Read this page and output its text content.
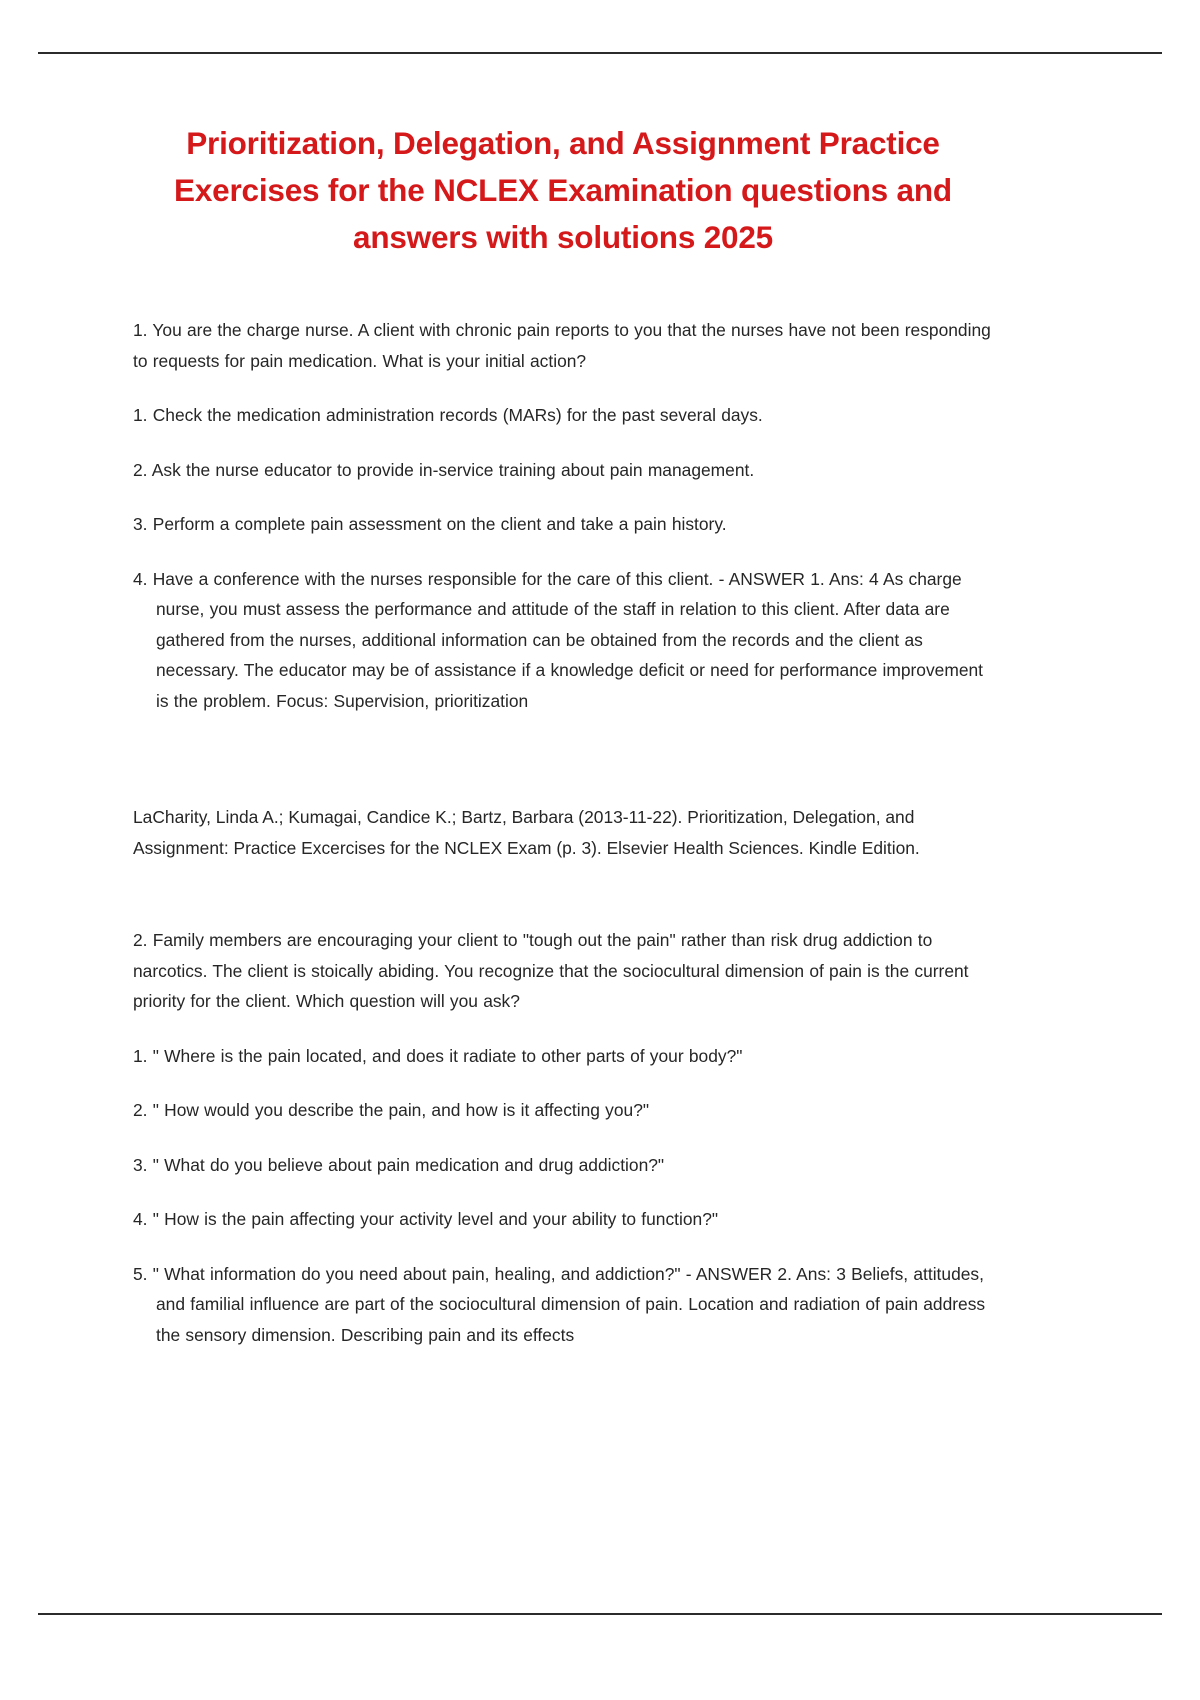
Prioritization, Delegation, and Assignment Practice Exercises for the NCLEX Examination questions and answers with solutions 2025

1. You are the charge nurse. A client with chronic pain reports to you that the nurses have not been responding to requests for pain medication. What is your initial action?

1. Check the medication administration records (MARs) for the past several days.

2. Ask the nurse educator to provide in-service training about pain management.

3. Perform a complete pain assessment on the client and take a pain history.

4. Have a conference with the nurses responsible for the care of this client. - ANSWER 1. Ans: 4 As charge nurse, you must assess the performance and attitude of the staff in relation to this client. After data are gathered from the nurses, additional information can be obtained from the records and the client as necessary. The educator may be of assistance if a knowledge deficit or need for performance improvement is the problem. Focus: Supervision, prioritization

LaCharity, Linda A.; Kumagai, Candice K.; Bartz, Barbara (2013-11-22). Prioritization, Delegation, and Assignment: Practice Excercises for the NCLEX Exam (p. 3). Elsevier Health Sciences. Kindle Edition.

2. Family members are encouraging your client to "tough out the pain" rather than risk drug addiction to narcotics. The client is stoically abiding. You recognize that the sociocultural dimension of pain is the current priority for the client. Which question will you ask?

1. " Where is the pain located, and does it radiate to other parts of your body?"

2. " How would you describe the pain, and how is it affecting you?"

3. " What do you believe about pain medication and drug addiction?"

4. " How is the pain affecting your activity level and your ability to function?"

5. " What information do you need about pain, healing, and addiction?" - ANSWER 2. Ans: 3 Beliefs, attitudes, and familial influence are part of the sociocultural dimension of pain. Location and radiation of pain address the sensory dimension. Describing pain and its effects
